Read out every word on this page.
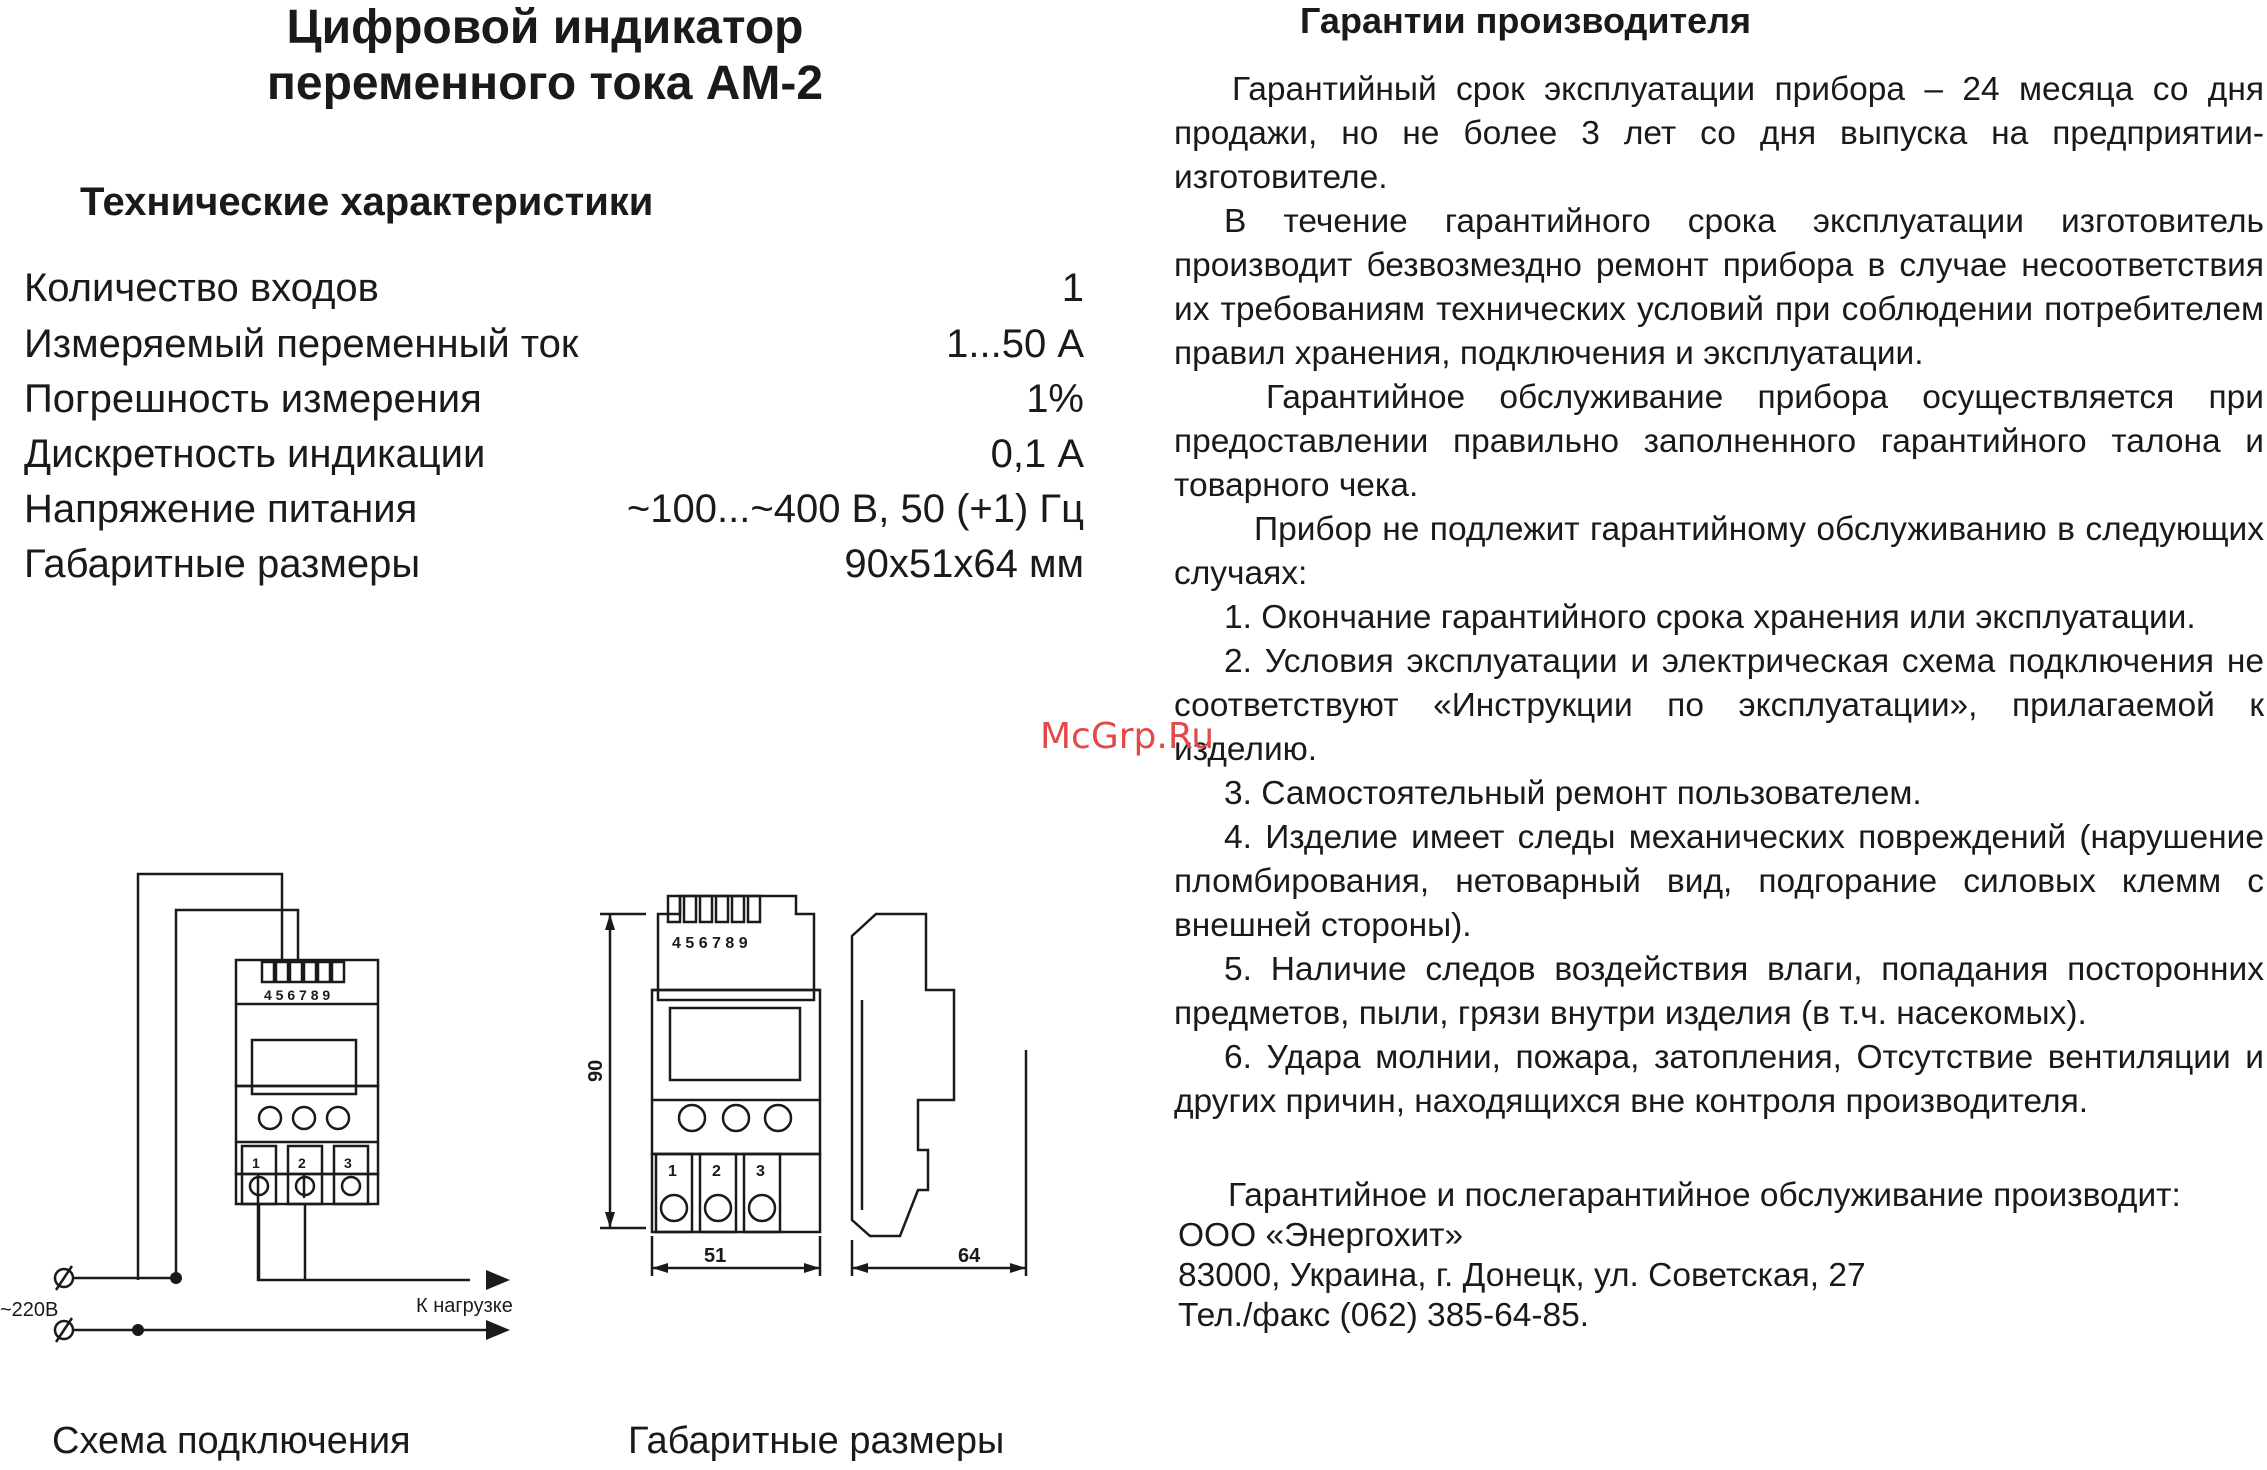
Цифровой индикатор
переменного тока АМ-2
Технические характеристики
Количество входов	1
Измеряемый переменный ток	1...50 А
Погрешность измерения	1%
Дискретность индикации	0,1 А
Напряжение питания	~100...~400 В, 50 (+1) Гц
Габаритные размеры	90x51x64 мм
Гарантии производителя
Гарантийный срок эксплуатации прибора – 24 месяца со дня продажи, но не более 3 лет со дня выпуска на предприятии-изготовителе.
В течение гарантийного срока эксплуатации изготовитель производит безвозмездно ремонт прибора в случае несоответствия их требованиям технических условий при соблюдении потребителем правил хранения, подключения и эксплуатации.
Гарантийное обслуживание прибора осуществляется при предоставлении правильно заполненного гарантийного талона и товарного чека.
Прибор не подлежит гарантийному обслуживанию в следующих случаях:
1. Окончание гарантийного срока хранения или эксплуатации.
2. Условия эксплуатации и электрическая схема подключения не соответствуют «Инструкции по эксплуатации», прилагаемой к изделию.
3. Самостоятельный ремонт пользователем.
4. Изделие имеет следы механических повреждений (нарушение пломбирования, нетоварный вид, подгорание силовых клемм с внешней стороны).
5. Наличие следов воздействия влаги, попадания посторонних предметов, пыли, грязи внутри изделия (в т.ч. насекомых).
6. Удара молнии, пожара, затопления, Отсутствие вентиляции и других причин, находящихся вне контроля производителя.
Гарантийное и послегарантийное обслуживание производит:
ООО «Энергохит»
83000, Украина, г. Донецк, ул. Советская, 27
Тел./факс (062) 385-64-85.
McGrp.Ru
4 5 6 7 8 9
1	2	3
~220В	К нагрузке
4 5 6 7 8 9
1 2 3
90
51	64
Схема подключения	Габаритные размеры
